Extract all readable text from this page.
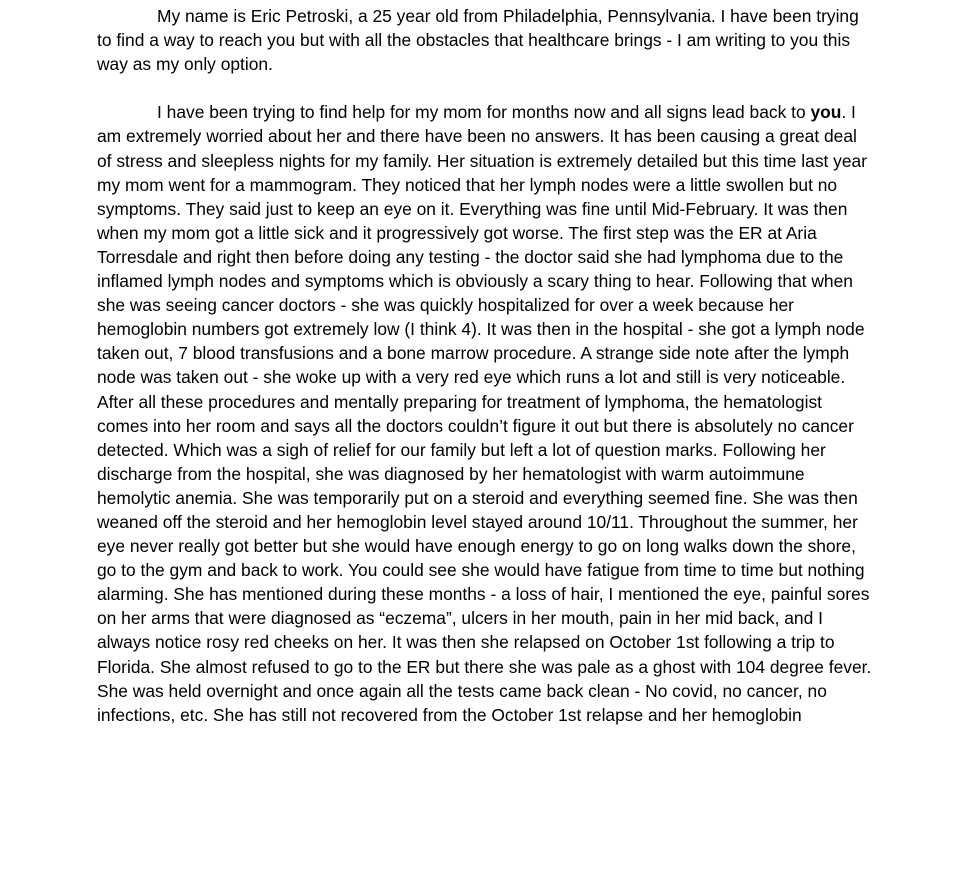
My name is Eric Petroski, a 25 year old from Philadelphia, Pennsylvania. I have been trying to find a way to reach you but with all the obstacles that healthcare brings - I am writing to you this way as my only option.

I have been trying to find help for my mom for months now and all signs lead back to you. I am extremely worried about her and there have been no answers. It has been causing a great deal of stress and sleepless nights for my family. Her situation is extremely detailed but this time last year my mom went for a mammogram. They noticed that her lymph nodes were a little swollen but no symptoms. They said just to keep an eye on it. Everything was fine until Mid-February. It was then when my mom got a little sick and it progressively got worse. The first step was the ER at Aria Torresdale and right then before doing any testing - the doctor said she had lymphoma due to the inflamed lymph nodes and symptoms which is obviously a scary thing to hear. Following that when she was seeing cancer doctors - she was quickly hospitalized for over a week because her hemoglobin numbers got extremely low (I think 4). It was then in the hospital - she got a lymph node taken out, 7 blood transfusions and a bone marrow procedure. A strange side note after the lymph node was taken out - she woke up with a very red eye which runs a lot and still is very noticeable. After all these procedures and mentally preparing for treatment of lymphoma, the hematologist comes into her room and says all the doctors couldn’t figure it out but there is absolutely no cancer detected. Which was a sigh of relief for our family but left a lot of question marks. Following her discharge from the hospital, she was diagnosed by her hematologist with warm autoimmune hemolytic anemia. She was temporarily put on a steroid and everything seemed fine. She was then weaned off the steroid and her hemoglobin level stayed around 10/11. Throughout the summer, her eye never really got better but she would have enough energy to go on long walks down the shore, go to the gym and back to work. You could see she would have fatigue from time to time but nothing alarming. She has mentioned during these months - a loss of hair, I mentioned the eye, painful sores on her arms that were diagnosed as “eczema”, ulcers in her mouth, pain in her mid back, and I always notice rosy red cheeks on her. It was then she relapsed on October 1st following a trip to Florida. She almost refused to go to the ER but there she was pale as a ghost with 104 degree fever. She was held overnight and once again all the tests came back clean - No covid, no cancer, no infections, etc. She has still not recovered from the October 1st relapse and her hemoglobin
